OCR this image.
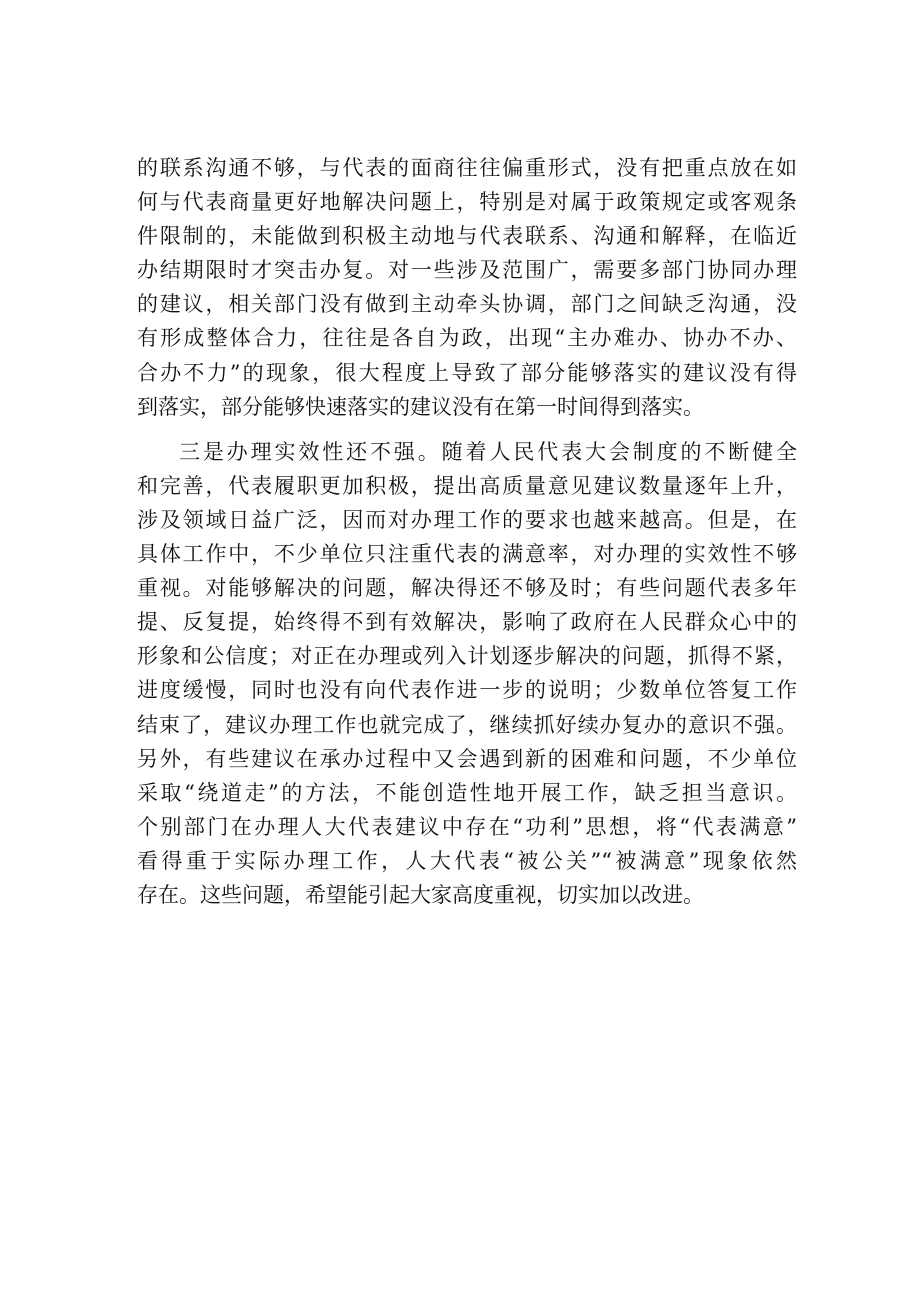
的联系沟通不够，与代表的面商往往偏重形式，没有把重点放在如
何与代表商量更好地解决问题上，特别是对属于政策规定或客观条
件限制的，未能做到积极主动地与代表联系、沟通和解释，在临近
办结期限时才突击办复。对一些涉及范围广，需要多部门协同办理
的建议，相关部门没有做到主动牵头协调，部门之间缺乏沟通，没
有形成整体合力，往往是各自为政，出现“主办难办、协办不办、
合办不力”的现象，很大程度上导致了部分能够落实的建议没有得
到落实，部分能够快速落实的建议没有在第一时间得到落实。
三是办理实效性还不强。随着人民代表大会制度的不断健全
和完善，代表履职更加积极，提出高质量意见建议数量逐年上升，
涉及领域日益广泛，因而对办理工作的要求也越来越高。但是，在
具体工作中，不少单位只注重代表的满意率，对办理的实效性不够
重视。对能够解决的问题，解决得还不够及时；有些问题代表多年
提、反复提，始终得不到有效解决，影响了政府在人民群众心中的
形象和公信度；对正在办理或列入计划逐步解决的问题，抓得不紧，
进度缓慢，同时也没有向代表作进一步的说明；少数单位答复工作
结束了，建议办理工作也就完成了，继续抓好续办复办的意识不强。
另外，有些建议在承办过程中又会遇到新的困难和问题，不少单位
采取“绕道走”的方法，不能创造性地开展工作，缺乏担当意识。
个别部门在办理人大代表建议中存在“功利”思想，将“代表满意”
看得重于实际办理工作，人大代表“被公关”“被满意”现象依然
存在。这些问题，希望能引起大家高度重视，切实加以改进。
